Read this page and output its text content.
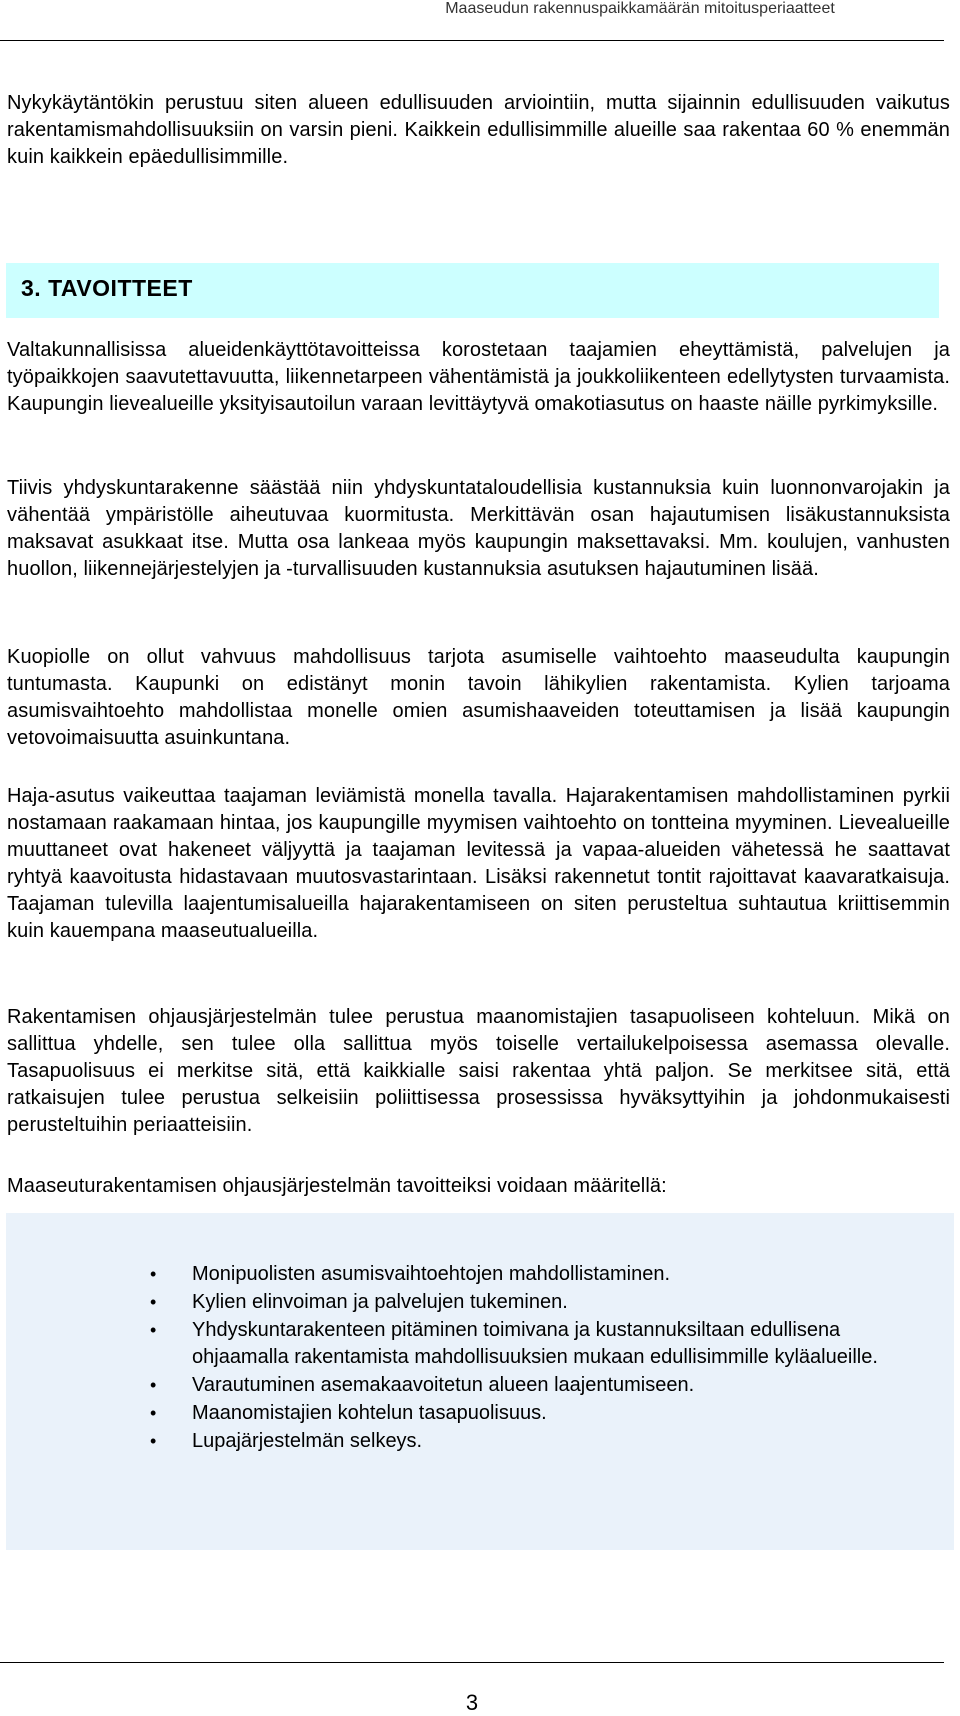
Maaseudun rakennuspaikkamäärän mitoitusperiaatteet

Nykykäytäntökin perustuu siten alueen edullisuuden arviointiin, mutta sijainnin edullisuuden vaikutus rakentamismahdollisuuksiin on varsin pieni. Kaikkein edullisimmille alueille saa rakentaa 60 % enemmän kuin kaikkein epäedullisimmille.

3. TAVOITTEET

Valtakunnallisissa alueidenkäyttötavoitteissa korostetaan taajamien eheyttämistä, palvelujen ja työpaikkojen saavutettavuutta, liikennetarpeen vähentämistä ja joukkoliikenteen edellytysten turvaamista. Kaupungin lievealueille yksityisautoilun varaan levittäytyvä omakotiasutus on haaste näille pyrkimyksille.

Tiivis yhdyskuntarakenne säästää niin yhdyskuntataloudellisia kustannuksia kuin luonnonvarojakin ja vähentää ympäristölle aiheutuvaa kuormitusta. Merkittävän osan hajautumisen lisäkustannuksista maksavat asukkaat itse. Mutta osa lankeaa myös kaupungin maksettavaksi. Mm. koulujen, vanhusten huollon, liikennejärjestelyjen ja -turvallisuuden kustannuksia asutuksen hajautuminen lisää.

Kuopiolle on ollut vahvuus mahdollisuus tarjota asumiselle vaihtoehto maaseudulta kaupungin tuntumasta. Kaupunki on edistänyt monin tavoin lähikylien rakentamista. Kylien tarjoama asumisvaihtoehto mahdollistaa monelle omien asumishaaveiden toteuttamisen ja lisää kaupungin vetovoimaisuutta asuinkuntana.

Haja-asutus vaikeuttaa taajaman leviämistä monella tavalla. Hajarakentamisen mahdollistaminen pyrkii nostamaan raakamaan hintaa, jos kaupungille myymisen vaihtoehto on tontteina myyminen. Lievealueille muuttaneet ovat hakeneet väljyyttä ja taajaman levitessä ja vapaa-alueiden vähetessä he saattavat ryhtyä kaavoitusta hidastavaan muutosvastarintaan. Lisäksi rakennetut tontit rajoittavat kaavaratkaisuja. Taajaman tulevilla laajentumisalueilla hajarakentamiseen on siten perusteltua suhtautua kriittisemmin kuin kauempana maaseutualueilla.

Rakentamisen ohjausjärjestelmän tulee perustua maanomistajien tasapuoliseen kohteluun. Mikä on sallittua yhdelle, sen tulee olla sallittua myös toiselle vertailukelpoisessa asemassa olevalle. Tasapuolisuus ei merkitse sitä, että kaikkialle saisi rakentaa yhtä paljon. Se merkitsee sitä, että ratkaisujen tulee perustua selkeisiin poliittisessa prosessissa hyväksyttyihin ja johdonmukaisesti perusteltuihin periaatteisiin.

Maaseuturakentamisen ohjausjärjestelmän tavoitteiksi voidaan määritellä:

• Monipuolisten asumisvaihtoehtojen mahdollistaminen.
• Kylien elinvoiman ja palvelujen tukeminen.
• Yhdyskuntarakenteen pitäminen toimivana ja kustannuksiltaan edullisena ohjaamalla rakentamista mahdollisuuksien mukaan edullisimmille kyläalueille.
• Varautuminen asemakaavoitetun alueen laajentumiseen.
• Maanomistajien kohtelun tasapuolisuus.
• Lupajärjestelmän selkeys.
3
